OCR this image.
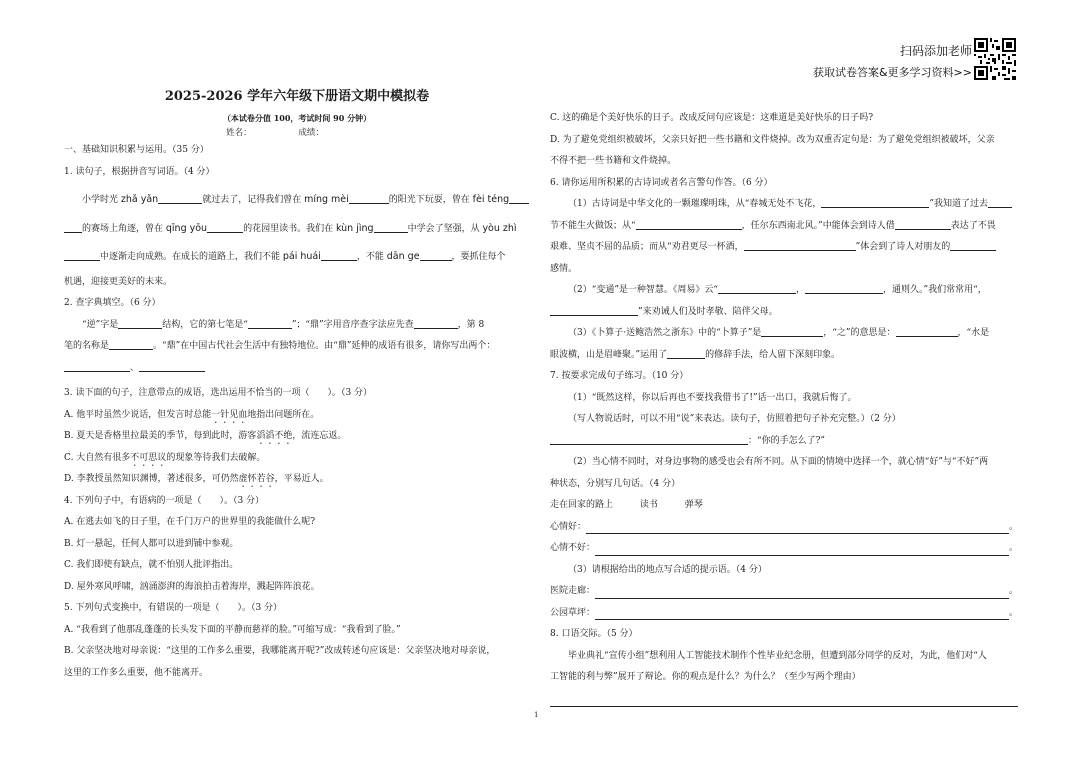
扫码添加老师
获取试卷答案&更多学习资料>>
2025-2026 学年六年级下册语文期中模拟卷
（本试卷分值 100，考试时间 90 分钟）
姓名：	成绩：

一、基础知识积累与运用。（35 分）

1. 读句子，根据拼音写词语。（4 分）

小学时光 zhǎ yǎn	就过去了，记得我们曾在 míng mèi	的阳光下玩耍，曾在 fèi téng

的赛场上角逐，曾在 qīng yōu	的花园里读书。我们在 kùn jìng	中学会了坚强，从 yòu zhì

中逐渐走向成熟。在成长的道路上，我们不能 pái huái	，不能 dān ge	，要抓住每个

机遇，迎接更美好的未来。

2. 查字典填空。（6 分）

“逆”字是	结构，它的第七笔是“	”；“鼎”字用音序查字法应先查	，第 8

笔的名称是	。“鼎”在中国古代社会生活中有独特地位。由“鼎”延伸的成语有很多，请你写出两个：

、

3. 读下面的句子，注意带点的成语，选出运用不恰当的一项（　　）。（3 分）

A. 他平时虽然少说话，但发言时总能一针见血地指出问题所在。

B. 夏天是香格里拉最美的季节，每到此时，游客滔滔不绝，流连忘返。

C. 大自然有很多不可思议的现象等待我们去破解。

D. 李教授虽然知识渊博，著述很多，可仍然虚怀若谷，平易近人。

4. 下列句子中，有语病的一项是（　　）。（3 分）

A. 在逃去如飞的日子里，在千门万户的世界里的我能做什么呢?

B. 灯一悬起，任何人都可以进到铺中参观。

C. 我们即使有缺点，就不怕别人批评指出。

D. 屋外寒风呼啸，汹涌澎湃的海浪拍击着海岸，溅起阵阵浪花。

5. 下列句式变换中，有错误的一项是（　　）。（3 分）

A. “我看到了他那乱蓬蓬的长头发下面的平静而慈祥的脸。”可缩写成：“我看到了脸。”

B. 父亲坚决地对母亲说：“这里的工作多么重要，我哪能离开呢?”改成转述句应该是：父亲坚决地对母亲说，

这里的工作多么重要，他不能离开。

C. 这的确是个美好快乐的日子。改成反问句应该是：这难道是美好快乐的日子吗?

D. 为了避免党组织被破坏，父亲只好把一些书籍和文件烧掉。改为双重否定句是：为了避免党组织被破坏，父亲

不得不把一些书籍和文件烧掉。

6. 请你运用所积累的古诗词或者名言警句作答。（6 分）

（1）古诗词是中华文化的一颗璀璨明珠，从“春城无处不飞花，	”我知道了过去

节不能生火做饭；从“	，任尔东西南北风。”中能体会到诗人借	表达了不畏

艰难、坚贞不屈的品质；而从“劝君更尽一杯酒，	”体会到了诗人对朋友的

感情。

（2）“变通”是一种智慧。《周易》云“	，	，通则久。”我们常常用“，

”来劝诫人们及时孝敬、陪伴父母。

（3）《卜算子·送鲍浩然之浙东》中的“卜算子”是	，“之”的意思是：	，“水是

眼波横，山是眉峰聚。”运用了	的修辞手法，给人留下深刻印象。

7. 按要求完成句子练习。（10 分）

（1）“既然这样，你以后再也不要找我借书了!”话一出口，我就后悔了。

（写人物说话时，可以不用“说”来表达。读句子，仿照着把句子补充完整。）（2 分）

：“你的手怎么了?”

（2）当心情不同时，对身边事物的感受也会有所不同。从下面的情境中选择一个，就心情“好”与“不好”两

种状态，分别写几句话。（4 分）

走在回家的路上	读书	弹琴

心情好：	。
心情不好：	。

（3）请根据给出的地点写合适的提示语。（4 分）

医院走廊：	。
公园草坪：	。

8. 口语交际。（5 分）

毕业典礼“宣传小组”想利用人工智能技术制作个性毕业纪念册，但遭到部分同学的反对，为此，他们对“人

工智能的利与弊”展开了辩论。你的观点是什么？为什么？（至少写两个理由）

1
